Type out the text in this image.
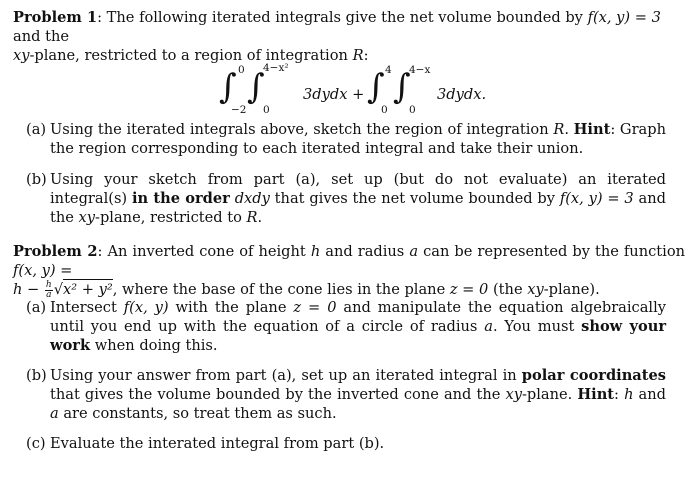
Problem 1: The following iterated integrals give the net volume bounded by f(x, y) = 3 and the
xy-plane, restricted to a region of integration R:

∫
−2
0 ∫
0
4−x²
3dydx + ∫
0
4 ∫
0
4−x
3dydx.
(a) Using the iterated integrals above, sketch the region of integration R. Hint: Graph the region corresponding to each iterated integral and take their union.
(b) Using your sketch from part (a), set up (but do not evaluate) an iterated integral(s) in the order dxdy that gives the net volume bounded by f(x, y) = 3 and the xy-plane, restricted to R.

Problem 2: An inverted cone of height h and radius a can be represented by the function f(x, y) =
$h - \frac{h}{a} √x^2 + y^2$, where the base of the cone lies in the plane z = 0 (the xy-plane).

(a) Intersect f(x, y) with the plane z = 0 and manipulate the equation algebraically until you end up with the equation of a circle of radius a. You must show your work when doing this.
(b) Using your answer from part (a), set up an iterated integral in polar coordinates that gives the volume bounded by the inverted cone and the xy-plane. Hint: h and a are constants, so treat them as such.
(c) Evaluate the interated integral from part (b).
